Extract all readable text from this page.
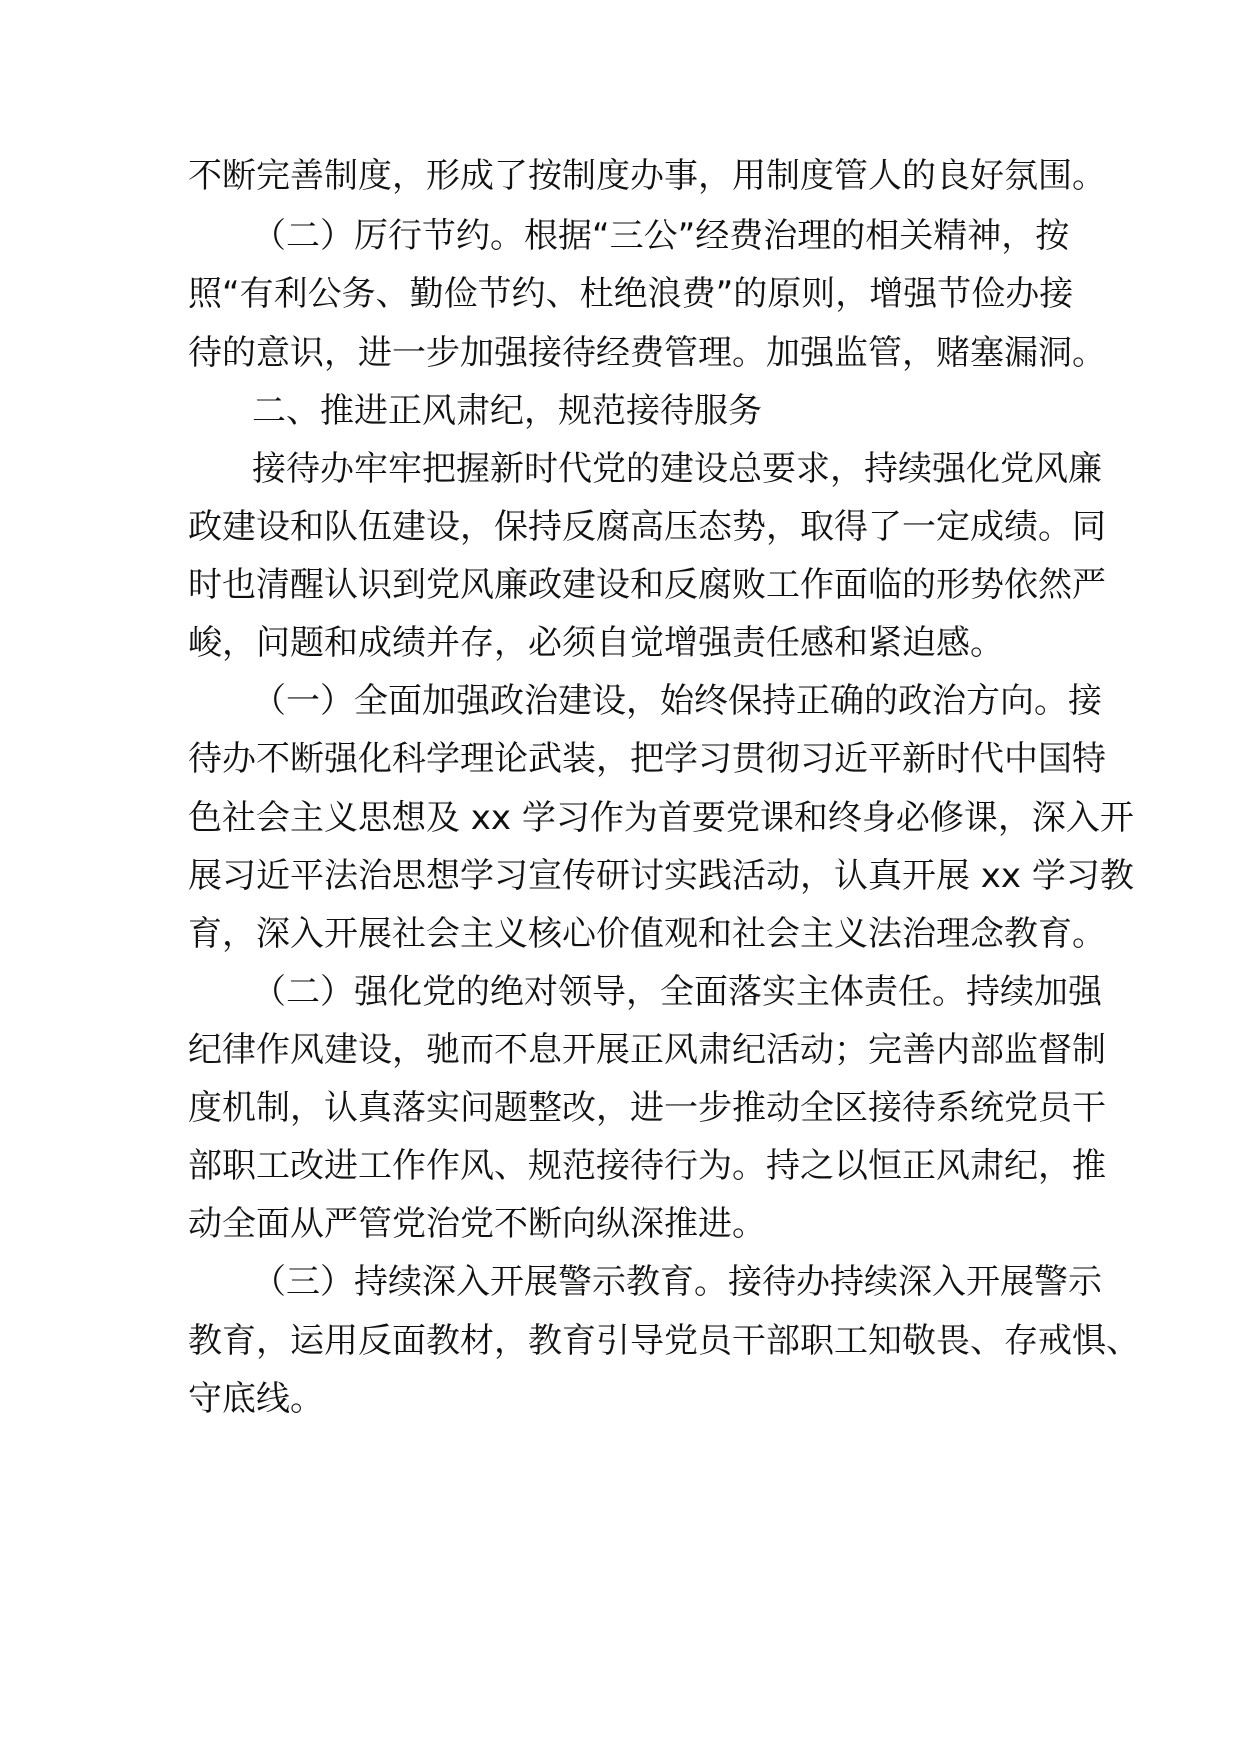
不断完善制度，形成了按制度办事，用制度管人的良好氛围。
（二）厉行节约。根据“三公”经费治理的相关精神，按
照“有利公务、勤俭节约、杜绝浪费”的原则，增强节俭办接
待的意识，进一步加强接待经费管理。加强监管，赌塞漏洞。
二、推进正风肃纪，规范接待服务
接待办牢牢把握新时代党的建设总要求，持续强化党风廉
政建设和队伍建设，保持反腐高压态势，取得了一定成绩。同
时也清醒认识到党风廉政建设和反腐败工作面临的形势依然严
峻，问题和成绩并存，必须自觉增强责任感和紧迫感。
（一）全面加强政治建设，始终保持正确的政治方向。接
待办不断强化科学理论武装，把学习贯彻习近平新时代中国特
色社会主义思想及 xx 学习作为首要党课和终身必修课，深入开
展习近平法治思想学习宣传研讨实践活动，认真开展 xx 学习教
育，深入开展社会主义核心价值观和社会主义法治理念教育。
（二）强化党的绝对领导，全面落实主体责任。持续加强
纪律作风建设，驰而不息开展正风肃纪活动；完善内部监督制
度机制，认真落实问题整改，进一步推动全区接待系统党员干
部职工改进工作作风、规范接待行为。持之以恒正风肃纪，推
动全面从严管党治党不断向纵深推进。
（三）持续深入开展警示教育。接待办持续深入开展警示
教育，运用反面教材，教育引导党员干部职工知敬畏、存戒惧、
守底线。
